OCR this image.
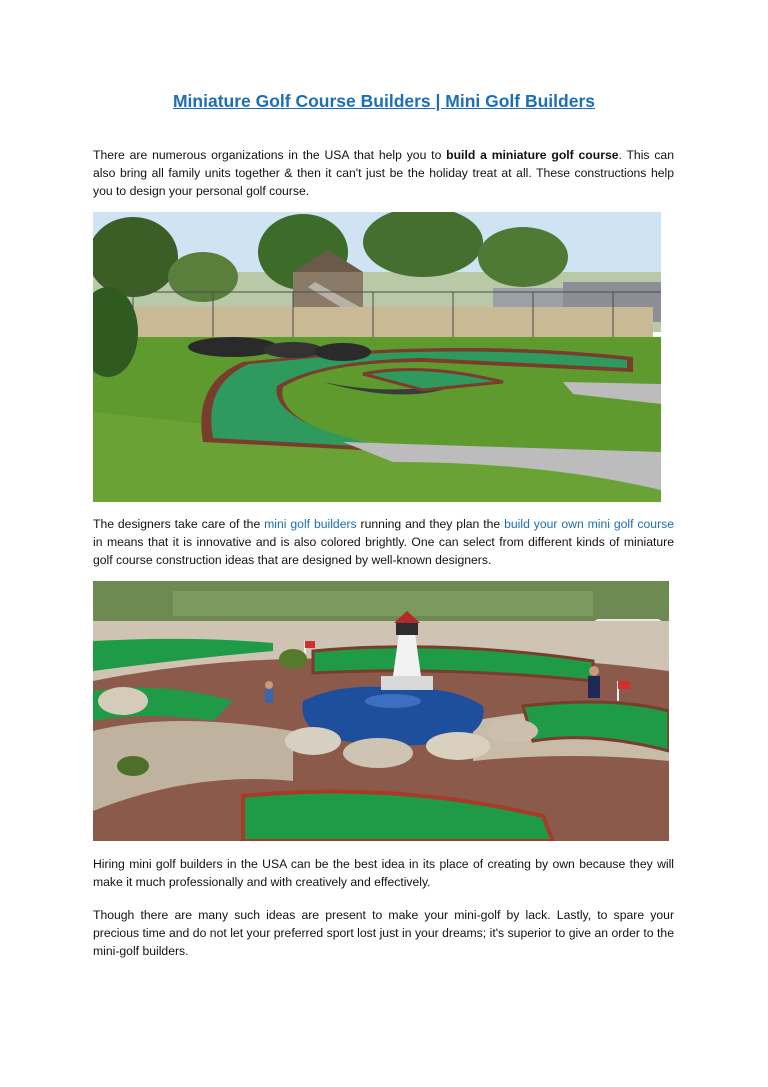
Miniature Golf Course Builders | Mini Golf Builders

There are numerous organizations in the USA that help you to build a miniature golf course. This can also bring all family units together & then it can't just be the holiday treat at all. These constructions help you to design your personal golf course.

The designers take care of the mini golf builders running and they plan the build your own mini golf course in means that it is innovative and is also colored brightly. One can select from different kinds of miniature golf course construction ideas that are designed by well-known designers.

Hiring mini golf builders in the USA can be the best idea in its place of creating by own because they will make it much professionally and with creatively and effectively.

Though there are many such ideas are present to make your mini-golf by lack. Lastly, to spare your precious time and do not let your preferred sport lost just in your dreams; it's superior to give an order to the mini-golf builders.
